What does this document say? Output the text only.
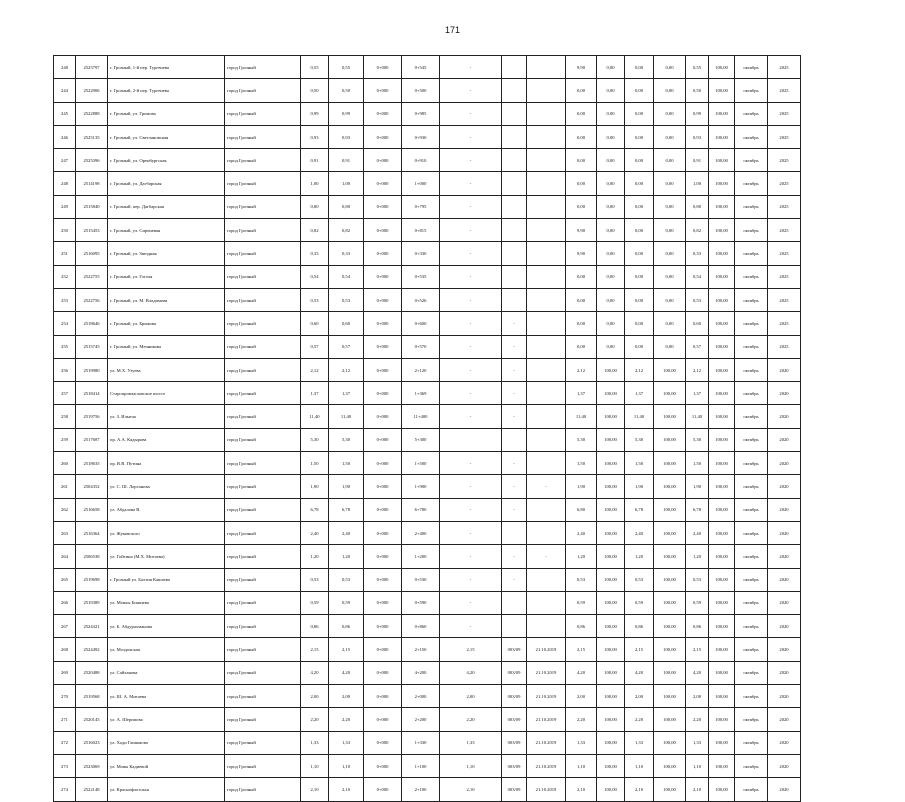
171
248	2525797	г. Грозный, 1-й пер. Тургенева	город Грозный	0,55	0,55	0+000	0+545	-			9,90	0,00	0,00	0,00	0,55	100,00	октябрь	2025
244	2522906	г. Грозный, 2-й пер. Тургенева	город Грозный	0,50	0,50	0+000	0+500	-			0,00	0,00	0,00	0,00	0,50	100,00	октябрь	2025
245	2522888	г. Грозный, ул. Громова	город Грозный	0,99	0,99	0+000	0+985	-			0,00	0,00	0,00	0,00	0,99	100,00	октябрь	2025
246	2525135	г. Грозный, ул. Светлановская	город Грозный	0,93	0,93	0+000	0+930	-			0,00	0,00	0,00	0,00	0,93	100,00	октябрь	2025
247	2525396	г. Грозный, ул. Оренбургская	город Грозный	0,91	0,91	0+000	0+910	-			0,00	0,00	0,00	0,00	0,91	100,00	октябрь	2025
248	2514198	г. Грозный, ул. Дагбарская	город Грозный	1,00	1,00	0+000	1+000	-			0,00	0,00	0,00	0,00	1,00	100,00	октябрь	2025
249	2515840	г. Грозный, пер. Дагбарская	город Грозный	0,80	0,80	0+000	0+795	-			0,00	0,00	0,00	0,00	0,80	100,00	октябрь	2025
250	2515453	г. Грозный, ул. Сиреневая	город Грозный	0,82	0,82	0+000	0+815	-			9,90	0,00	0,00	0,00	0,82	100,00	октябрь	2025
251	2516095	г. Грозный, ул. Звездная	город Грозный	0,33	0,33	0+000	0+330	-			9,90	0,00	0,00	0,00	0,33	100,00	октябрь	2025
252	2522755	г. Грозный, ул. Гоголя	город Грозный	0,54	0,54	0+000	0+535	-			0,00	0,00	0,00	0,00	0,54	100,00	октябрь	2025
253	2522756	г. Грозный, ул. М. Владимова	город Грозный	0,53	0,53	0+000	0+526	-			0,00	0,00	0,00	0,00	0,53	100,00	октябрь	2025
254	2518646	г. Грозный, ул. Брыкова	город Грозный	0,60	0,60	0+000	0+600	-	-		0,00	0,00	0,00	0,00	0,60	100,00	октябрь	2025
255	2515745	г. Грозный, ул. Мечникова	город Грозный	0,57	0,57	0+000	0+570	-	-		0,00	0,00	0,00	0,00	0,57	100,00	октябрь	2025
256	2519980	ул. М.Х. Узуева	город Грозный	2,12	2,12	0+000	2+120	-	-		2,12	100,00	2,12	100,00	2,12	100,00	октябрь	2020
257	2518414	Старопромысловское шоссе	город Грозный	1,37	1,37	0+000	1+369	-	-		1,37	100,00	1,37	100,00	1,37	100,00	октябрь	2020
258	2519756	ул. З. Ильича	город Грозный	11,40	11,40	0+000	11+400	-	-		11,40	100,00	11,40	100,00	11,40	100,00	октябрь	2020
259	2517687	пр. А.А. Кадырова	город Грозный	5,30	5,30	0+000	5+300				5,30	100,00	5,30	100,00	5,30	100,00	октябрь	2020
260	2518635	пр. В.В. Путина	город Грозный	1,50	1,50	0+000	1+500	-	-		1,50	100,00	1,50	100,00	1,50	100,00	октябрь	2020
261	2504352	ул. С. Ш. Лорсанова	город Грозный	1,90	1,90	0+000	1+900	-	-	-	1,90	100,00	1,90	100,00	1,90	100,00	октябрь	2020
262	2516658	ул. Абдалова В.	город Грозный	6,78	6,78	0+000	6+780	-	-		6,80	100,00	6,78	100,00	6,78	100,00	октябрь	2020
263	2516364	ул. Жуковского	город Грозный	2,40	2,40	0+000	2+400	-			2,40	100,00	2,40	100,00	2,40	100,00	октябрь	2020
264	2506538	ул. Гойтина (М.Х. Митаева)	город Грозный	1,20	1,20	0+000	1+200	-	-	-	1,20	100,00	1,20	100,00	1,20	100,00	октябрь	2020
265	2519698	г. Грозный ул. Балтия Кашаева	город Грозный	0,53	0,53	0+000	0+530	-	-		0,53	100,00	0,53	100,00	0,53	100,00	октябрь	2020
266	2519389	ул. Мовлы Бишиева	город Грозный	0,59	0,59	0+000	0+590	-			0,59	100,00	0,59	100,00	0,59	100,00	октябрь	2020
267	2524321	ул. Б. Абдурахманова	город Грозный	0,86	0,86	0+000	0+860	-			0,86	100,00	0,86	100,00	0,86	100,00	октябрь	2020
268	2524492	ул. Моздокская	город Грозный	2,15	2,15	0+000	2+150	2,15	003/09	21.10.2019	2,15	100,00	2,15	100,00	2,15	100,00	октябрь	2020
269	2520488	ул. Сайханова	город Грозный	4,20	4,20	0+000	4+200	4,20	003/09	21.10.2019	4,20	100,00	4,20	100,00	4,20	100,00	октябрь	2020
270	2519568	ул. Ш. А. Митаева	город Грозный	2,00	2,00	0+000	2+000	2,00	003/09	21.10.2019	2,00	100,00	2,00	100,00	2,00	100,00	октябрь	2020
271	2520145	ул. А. Шерипова	город Грозный	2,20	2,20	0+000	2+200	2,20	003/09	21.10.2019	2,20	100,00	2,20	100,00	2,20	100,00	октябрь	2020
272	2516023	ул. Ходи Гашимова	город Грозный	1,33	1,33	0+000	1+330	1,33	003/09	21.10.2019	1,33	100,00	1,33	100,00	1,33	100,00	октябрь	2020
273	2523069	ул. Мовы Кадиевой	город Грозный	1,10	1,10	0+000	1+100	1,10	003/09	21.10.2019	1,10	100,00	1,10	100,00	1,10	100,00	октябрь	2020
274	2522148	ул. Краснофлотская	город Грозный	2,10	2,10	0+000	2+100	2,10	003/09	21.10.2019	2,10	100,00	2,10	100,00	2,10	100,00	октябрь	2020
